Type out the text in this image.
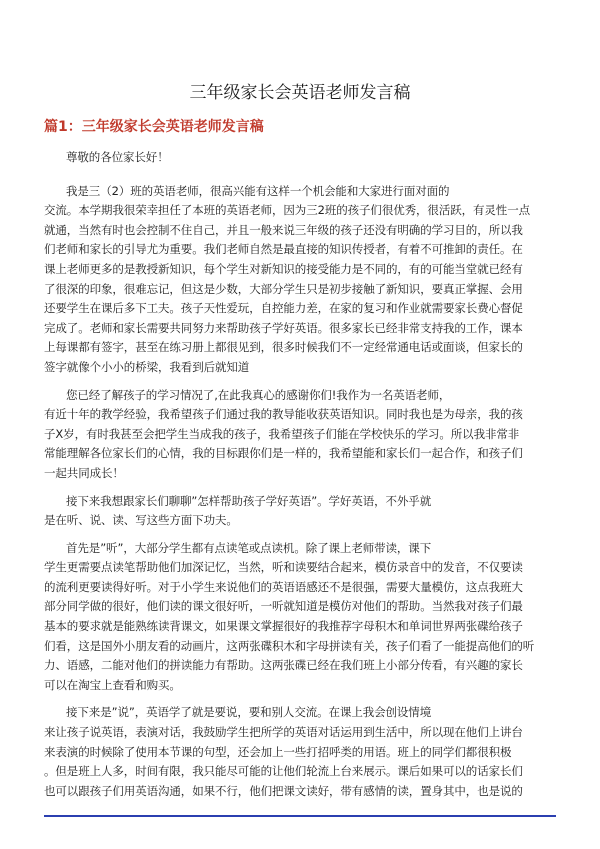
三年级家长会英语老师发言稿
篇1：三年级家长会英语老师发言稿

尊敬的各位家长好！

我是三（2）班的英语老师，很高兴能有这样一个机会能和大家进行面对面的
交流。本学期我很荣幸担任了本班的英语老师，因为三2班的孩子们很优秀，很活跃，有灵性一点
就通，当然有时也会控制不住自己，并且一般来说三年级的孩子还没有明确的学习目的，所以我
们老师和家长的引导尤为重要。我们老师自然是最直接的知识传授者，有着不可推卸的责任。在
课上老师更多的是教授新知识，每个学生对新知识的接受能力是不同的，有的可能当堂就已经有
了很深的印象，很难忘记，但这是少数，大部分学生只是初步接触了新知识，要真正掌握、会用
还要学生在课后多下工夫。孩子天性爱玩，自控能力差，在家的复习和作业就需要家长费心督促
完成了。老师和家长需要共同努力来帮助孩子学好英语。很多家长已经非常支持我的工作，课本
上每课都有签字，甚至在练习册上都很见到，很多时候我们不一定经常通电话或面谈，但家长的
签字就像个小小的桥梁，我看到后就知道

您已经了解孩子的学习情况了,在此我真心的感谢你们!我作为一名英语老师，
有近十年的教学经验，我希望孩子们通过我的教导能收获英语知识。同时我也是为母亲，我的孩
子X岁，有时我甚至会把学生当成我的孩子，我希望孩子们能在学校快乐的学习。所以我非常非
常能理解各位家长们的心情，我的目标跟你们是一样的，我希望能和家长们一起合作，和孩子们
一起共同成长！

接下来我想跟家长们聊聊”怎样帮助孩子学好英语”。学好英语，不外乎就
是在听、说、读、写这些方面下功夫。

首先是”听”，大部分学生都有点读笔或点读机。除了课上老师带读，课下
学生更需要点读笔帮助他们加深记忆，当然，听和读要结合起来，模仿录音中的发音，不仅要读
的流利更要读得好听。对于小学生来说他们的英语语感还不是很强，需要大量模仿，这点我班大
部分同学做的很好，他们读的课文很好听，一听就知道是模仿对他们的帮助。当然我对孩子们最
基本的要求就是能熟练读背课文，如果课文掌握很好的我推荐字母积木和单词世界两张碟给孩子
们看，这是国外小朋友看的动画片，这两张碟积木和字母拼读有关，孩子们看了一能提高他们的听
力、语感，二能对他们的拼读能力有帮助。这两张碟已经在我们班上小部分传看，有兴趣的家长
可以在淘宝上查看和购买。

接下来是”说”，英语学了就是要说，要和别人交流。在课上我会创设情境
来让孩子说英语，表演对话，我鼓励学生把所学的英语对话运用到生活中，所以现在他们上讲台
来表演的时候除了使用本节课的句型，还会加上一些打招呼类的用语。班上的同学们都很积极
。但是班上人多，时间有限，我只能尽可能的让他们轮流上台来展示。课后如果可以的话家长们
也可以跟孩子们用英语沟通，如果不行，他们把课文读好，带有感情的读，置身其中，也是说的
